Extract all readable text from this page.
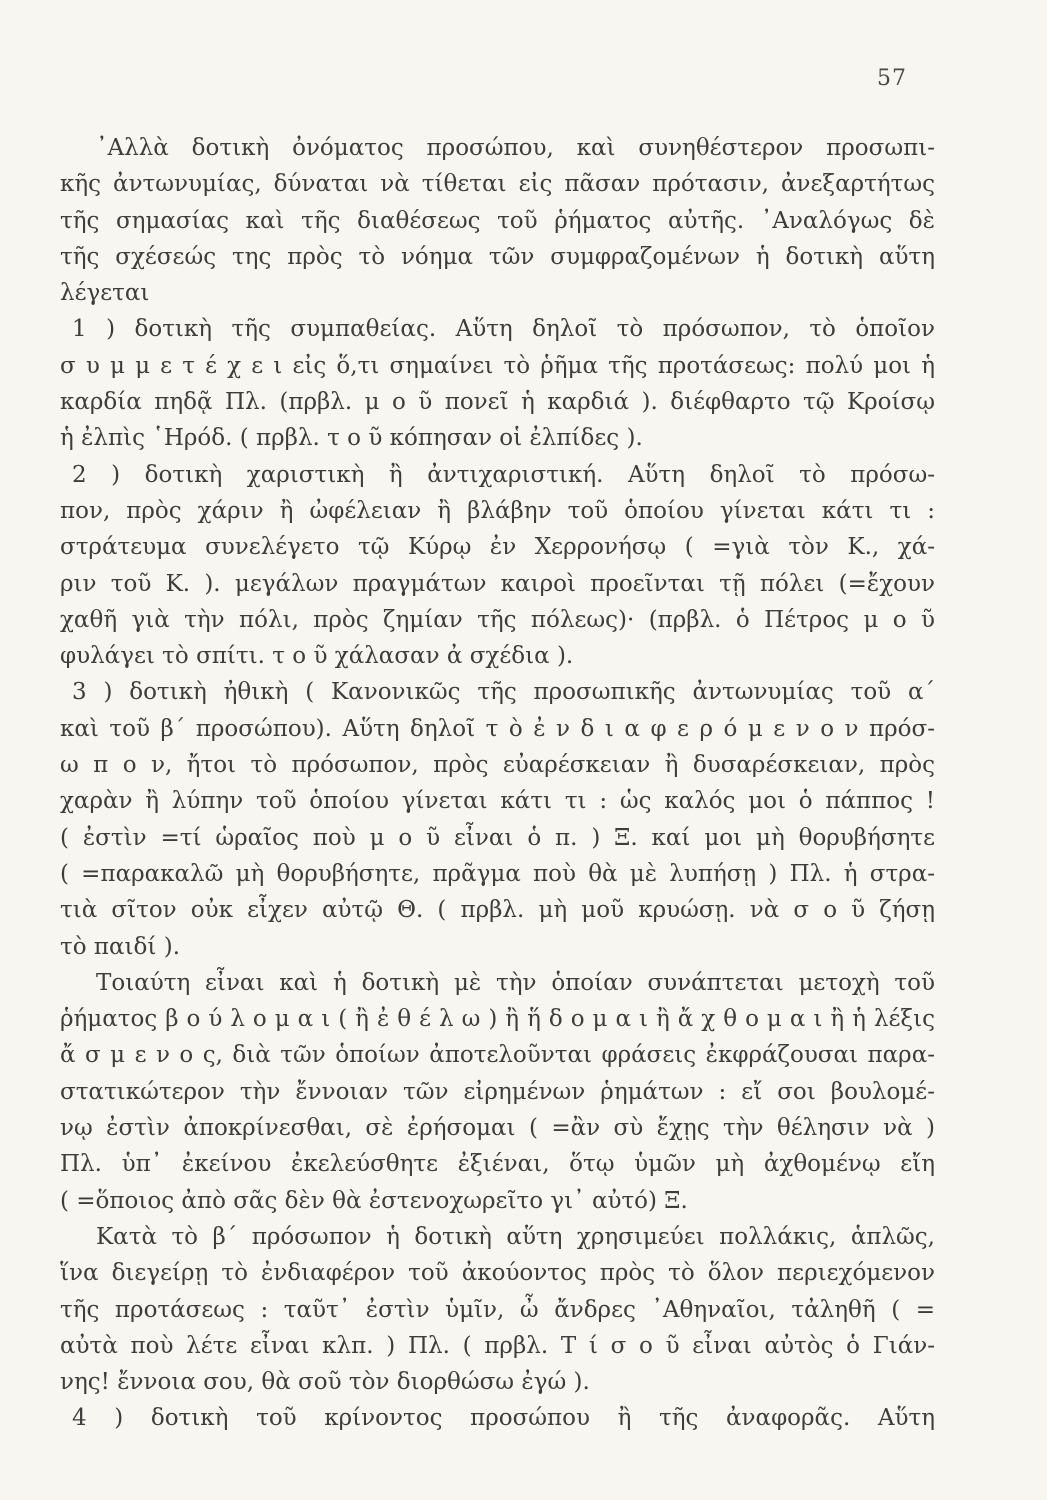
57
᾽Αλλὰ δοτικὴ ὀνόματος προσώπου, καὶ συνηθέστερον προσωπι-
κῆς ἀντωνυμίας, δύναται νὰ τίθεται εἰς πᾶσαν πρότασιν, ἀνεξαρτήτως
τῆς σημασίας καὶ τῆς διαθέσεως τοῦ ῥήματος αὐτῆς. ᾽Αναλόγως δὲ
τῆς σχέσεώς της πρὸς τὸ νόημα τῶν συμφραζομένων ἡ δοτικὴ αὕτη
λέγεται
1 ) δοτικὴ τῆς συμπαθείας. Αὕτη δηλοῖ τὸ πρόσωπον, τὸ ὁποῖον
σ υ μ μ ε τ έ χ ε ι εἰς ὅ,τι σημαίνει τὸ ῥῆμα τῆς προτάσεως: πολύ μοι ἡ
καρδία πηδᾷ Πλ. (πρβλ. μ ο ῦ πονεῖ ἡ καρδιά ). διέφθαρτο τῷ Κροίσῳ
ἡ ἐλπὶς ῾Ηρόδ. ( πρβλ. τ ο ῦ κόπησαν οἱ ἐλπίδες ).
2 ) δοτικὴ χαριστικὴ ἢ ἀντιχαριστική. Αὕτη δηλοῖ τὸ πρόσω-
πον, πρὸς χάριν ἢ ὠφέλειαν ἢ βλάβην τοῦ ὁποίου γίνεται κάτι τι :
στράτευμα συνελέγετο τῷ Κύρῳ ἐν Χερρονήσῳ ( =γιὰ τὸν Κ., χά-
ριν τοῦ Κ. ). μεγάλων πραγμάτων καιροὶ προεῖνται τῇ πόλει (=ἔχουν
χαθῆ γιὰ τὴν πόλι, πρὸς ζημίαν τῆς πόλεως)· (πρβλ. ὁ Πέτρος μ ο ῦ
φυλάγει τὸ σπίτι. τ ο ῦ χάλασαν ἀ σχέδια ).
3 ) δοτικὴ ἠθικὴ ( Κανονικῶς τῆς προσωπικῆς ἀντωνυμίας τοῦ α΄
καὶ τοῦ β΄ προσώπου). Αὕτη δηλοῖ τ ὸ ἐ ν δ ι α φ ε ρ ό μ ε ν ο ν πρόσ-
ω π ο ν, ἤτοι τὸ πρόσωπον, πρὸς εὐαρέσκειαν ἢ δυσαρέσκειαν, πρὸς
χαρὰν ἢ λύπην τοῦ ὁποίου γίνεται κάτι τι : ὡς καλός μοι ὁ πάππος !
( ἐστὶν =τί ὡραῖος ποὺ μ ο ῦ εἶναι ὁ π. ) Ξ. καί μοι μὴ θορυβήσητε
( =παρακαλῶ μὴ θορυβήσητε, πρᾶγμα ποὺ θὰ μὲ λυπήσῃ ) Πλ. ἡ στρα-
τιὰ σῖτον οὐκ εἶχεν αὐτῷ Θ. ( πρβλ. μὴ μοῦ κρυώσῃ. νὰ σ ο ῦ ζήσῃ
τὸ παιδί ).
Τοιαύτη εἶναι καὶ ἡ δοτικὴ μὲ τὴν ὁποίαν συνάπτεται μετοχὴ τοῦ
ῥήματος β ο ύ λ ο μ α ι ( ἢ ἐ θ έ λ ω ) ἢ ἥ δ ο μ α ι ἢ ἄ χ θ ο μ α ι ἢ ἡ λέξις
ἄ σ μ ε ν ο ς, διὰ τῶν ὁποίων ἀποτελοῦνται φράσεις ἐκφράζουσαι παρα-
στατικώτερον τὴν ἔννοιαν τῶν εἰρημένων ῥημάτων : εἴ σοι βουλομέ-
νῳ ἐστὶν ἀποκρίνεσθαι, σὲ ἐρήσομαι ( =ἂν σὺ ἔχῃς τὴν θέλησιν νὰ )
Πλ. ὑπ᾽ ἐκείνου ἐκελεύσθητε ἐξιέναι, ὅτῳ ὑμῶν μὴ ἀχθομένῳ εἴη
( =ὅποιος ἀπὸ σᾶς δὲν θὰ ἐστενοχωρεῖτο γι᾽ αὐτό) Ξ.
Κατὰ τὸ β΄ πρόσωπον ἡ δοτικὴ αὕτη χρησιμεύει πολλάκις, ἁπλῶς,
ἵνα διεγείρῃ τὸ ἐνδιαφέρον τοῦ ἀκούοντος πρὸς τὸ ὅλον περιεχόμενον
τῆς προτάσεως : ταῦτ᾽ ἐστὶν ὑμῖν, ὦ ἄνδρες ᾽Αθηναῖοι, τἀληθῆ ( =
αὐτὰ ποὺ λέτε εἶναι κλπ. ) Πλ. ( πρβλ. Τ ί σ ο ῦ εἶναι αὐτὸς ὁ Γιάν-
νης! ἔννοια σου, θὰ σοῦ τὸν διορθώσω ἐγώ ).
4 ) δοτικὴ τοῦ κρίνοντος προσώπου ἢ τῆς ἀναφορᾶς. Αὕτη
